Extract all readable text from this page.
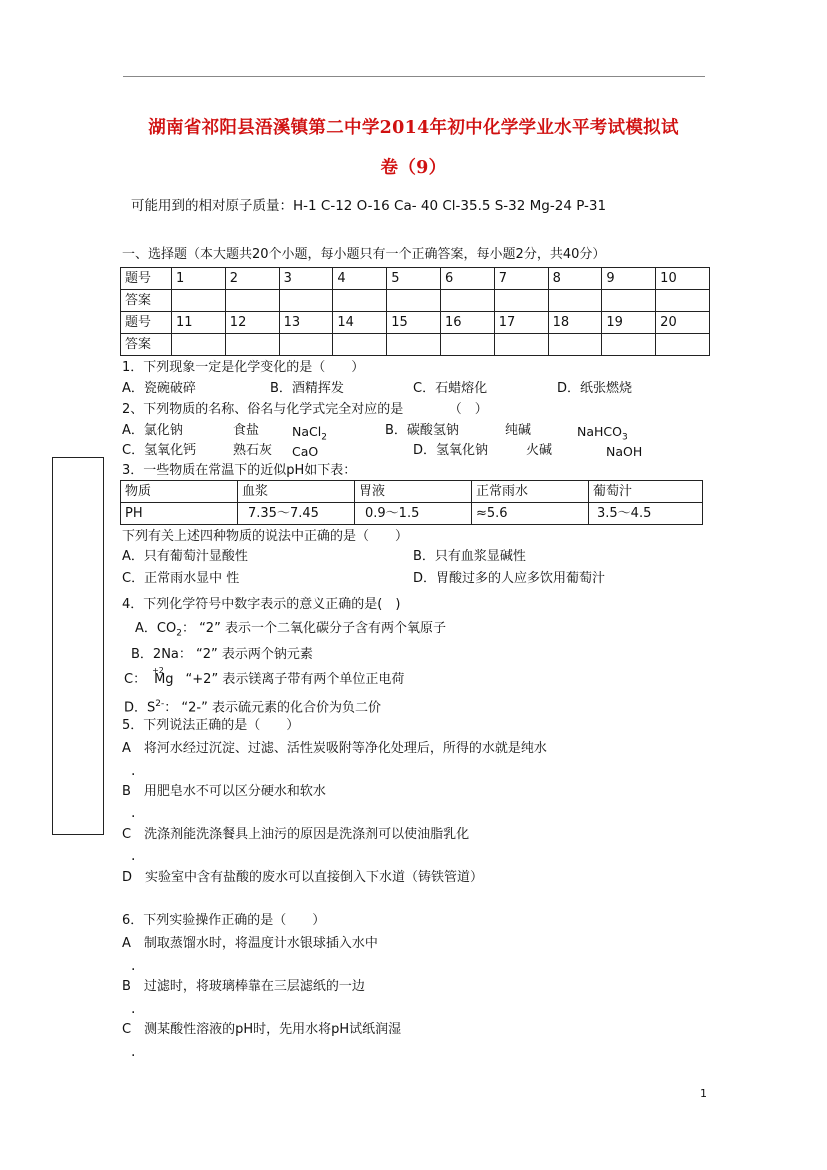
湖南省祁阳县浯溪镇第二中学2014年初中化学学业水平考试模拟试
卷（9）
可能用到的相对原子质量：H-1 C-12 O-16 Ca- 40 Cl-35.5 S-32 Mg-24 P-31
一、选择题（本大题共20个小题，每小题只有一个正确答案，每小题2分，共40分）
题号	1	2	3	4	5	6	7	8	9	10
答案										
题号	11	12	13	14	15	16	17	18	19	20
答案										
1．下列现象一定是化学变化的是（　　）
A．瓷碗破碎	B．酒精挥发	C．石蜡熔化	D．纸张燃烧
2、下列物质的名称、俗名与化学式完全对应的是　　　　（　）
A．氯化钠	食盐	NaCl$_2$	B．碳酸氢钠	纯碱	NaHCO$_3$
C．氢氧化钙	熟石灰 CaO	D．氢氧化钠	火碱	NaOH
3．一些物质在常温下的近似pH如下表：
物质	血浆	胃液	正常雨水	葡萄汁
PH	7.35～7.45	0.9～1.5	≈5.6	3.5～4.5
下列有关上述四种物质的说法中正确的是（　　）
A．只有葡萄汁显酸性	B．只有血浆显碱性
C．正常雨水显中 性	D．胃酸过多的人应多饮用葡萄汁
4．下列化学符号中数字表示的意义正确的是(　)
A．$CO_2$： “2” 表示一个二氧化碳分子含有两个氧原子
B．2Na： “2” 表示两个钠元素
C：
+2
Mg “+2” 表示镁离子带有两个单位正电荷
D．$S^{2-}$： “2-” 表示硫元素的化合价为负二价
5．下列说法正确的是（　　）
A　将河水经过沉淀、过滤、活性炭吸附等净化处理后，所得的水就是纯水
.
B　用肥皂水不可以区分硬水和软水
.
C　洗涤剂能洗涤餐具上油污的原因是洗涤剂可以使油脂乳化
.
D　实验室中含有盐酸的废水可以直接倒入下水道（铸铁管道）
6．下列实验操作正确的是（　　）
A　制取蒸馏水时，将温度计水银球插入水中
.
B　过滤时，将玻璃棒靠在三层滤纸的一边
.
C　测某酸性溶液的pH时，先用水将pH试纸润湿
.
1
